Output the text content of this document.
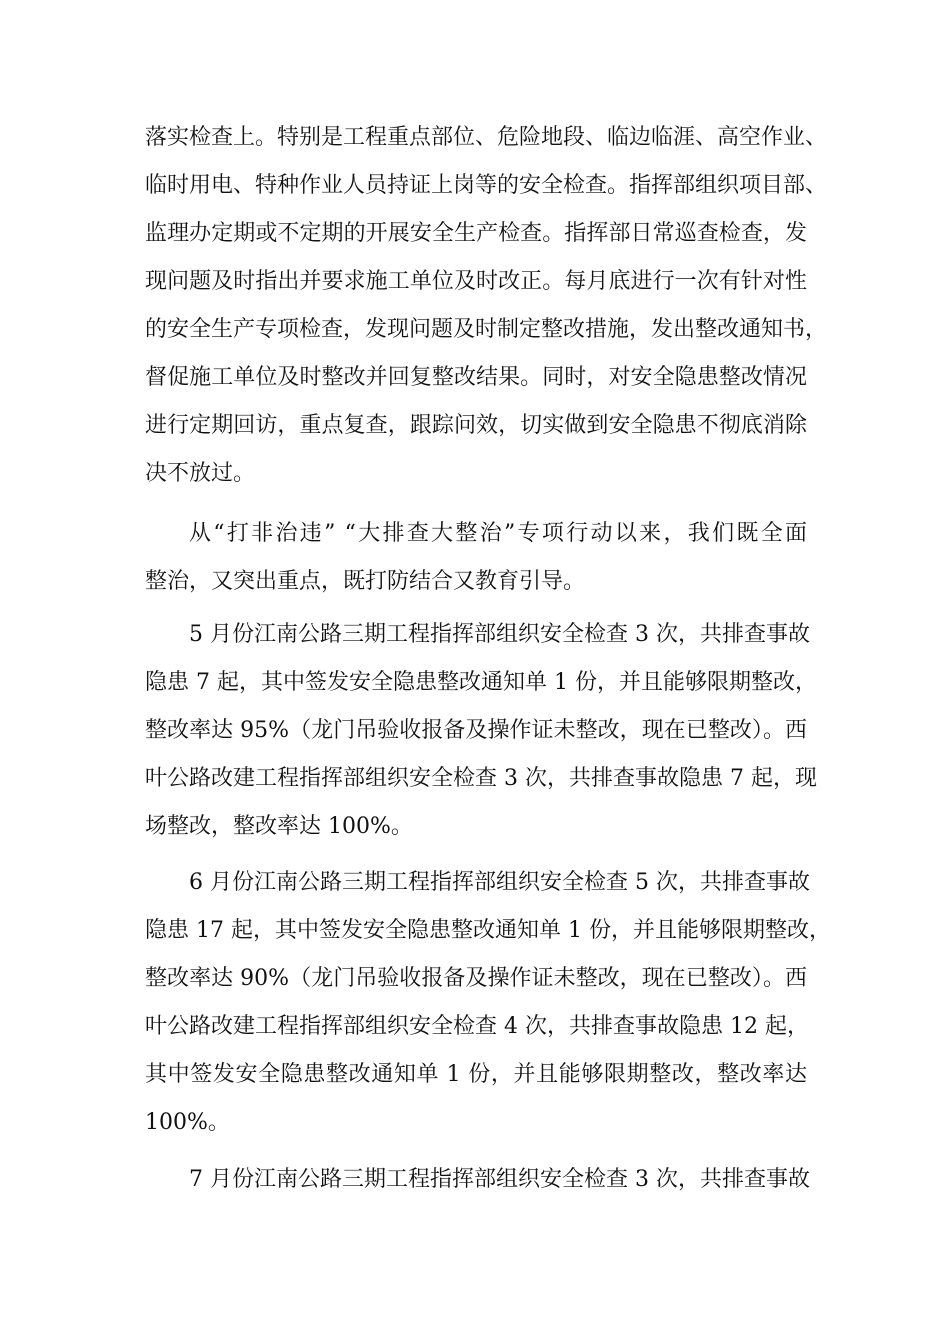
落实检查上。特别是工程重点部位、危险地段、临边临涯、高空作业、
临时用电、特种作业人员持证上岗等的安全检查。指挥部组织项目部、
监理办定期或不定期的开展安全生产检查。指挥部日常巡查检查，发
现问题及时指出并要求施工单位及时改正。每月底进行一次有针对性
的安全生产专项检查，发现问题及时制定整改措施，发出整改通知书，
督促施工单位及时整改并回复整改结果。同时，对安全隐患整改情况
进行定期回访，重点复查，跟踪问效，切实做到安全隐患不彻底消除
决不放过。
从“打非治违” “大排查大整治”专项行动以来，我们既全面
整治，又突出重点，既打防结合又教育引导。
5 月份江南公路三期工程指挥部组织安全检查 3 次，共排查事故
隐患 7 起，其中签发安全隐患整改通知单 1 份，并且能够限期整改，
整改率达 95%（龙门吊验收报备及操作证未整改，现在已整改）。西
叶公路改建工程指挥部组织安全检查 3 次，共排查事故隐患 7 起，现
场整改，整改率达 100%。
6 月份江南公路三期工程指挥部组织安全检查 5 次，共排查事故
隐患 17 起，其中签发安全隐患整改通知单 1 份，并且能够限期整改，
整改率达 90%（龙门吊验收报备及操作证未整改，现在已整改）。西
叶公路改建工程指挥部组织安全检查 4 次，共排查事故隐患 12 起，
其中签发安全隐患整改通知单 1 份，并且能够限期整改，整改率达
100%。
7 月份江南公路三期工程指挥部组织安全检查 3 次，共排查事故
